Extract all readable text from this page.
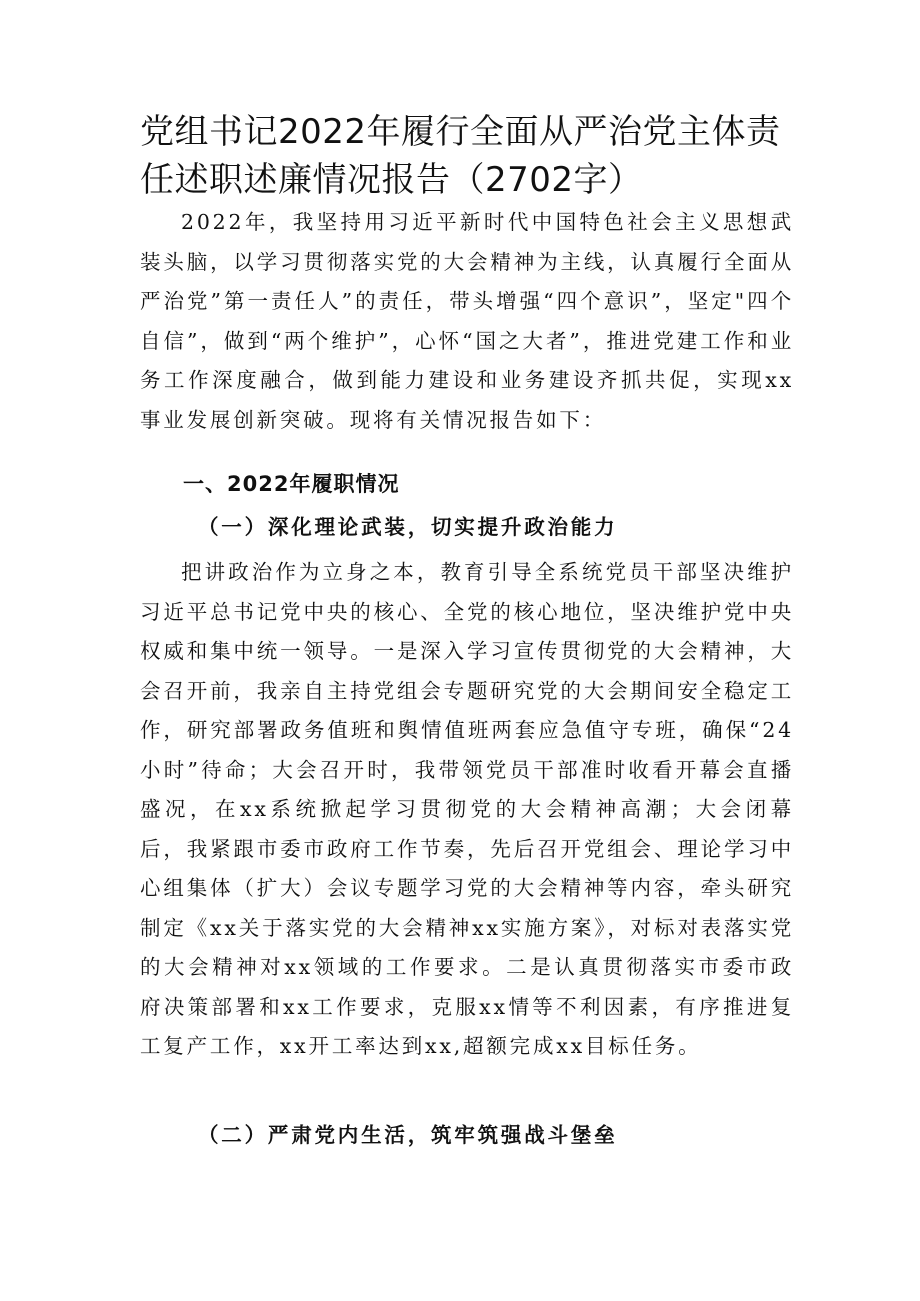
党组书记2022年履行全面从严治党主体责任述职述廉情况报告（2702字）

2022年，我坚持用习近平新时代中国特色社会主义思想武装头脑，以学习贯彻落实党的大会精神为主线，认真履行全面从严治党”第一责任人”的责任，带头增强“四个意识”，坚定"四个自信”，做到“两个维护”，心怀“国之大者”，推进党建工作和业务工作深度融合，做到能力建设和业务建设齐抓共促，实现xx事业发展创新突破。现将有关情况报告如下：

一、2022年履职情况
（一）深化理论武装，切实提升政治能力

把讲政治作为立身之本，教育引导全系统党员干部坚决维护习近平总书记党中央的核心、全党的核心地位，坚决维护党中央权威和集中统一领导。一是深入学习宣传贯彻党的大会精神，大会召开前，我亲自主持党组会专题研究党的大会期间安全稳定工作，研究部署政务值班和舆情值班两套应急值守专班，确保“24小时”待命；大会召开时，我带领党员干部准时收看开幕会直播盛况，在xx系统掀起学习贯彻党的大会精神高潮；大会闭幕后，我紧跟市委市政府工作节奏，先后召开党组会、理论学习中心组集体（扩大）会议专题学习党的大会精神等内容，牵头研究制定《xx关于落实党的大会精神xx实施方案》，对标对表落实党的大会精神对xx领域的工作要求。二是认真贯彻落实市委市政府决策部署和xx工作要求，克服xx情等不利因素，有序推进复工复产工作，xx开工率达到xx,超额完成xx目标任务。

（二）严肃党内生活，筑牢筑强战斗堡垒
